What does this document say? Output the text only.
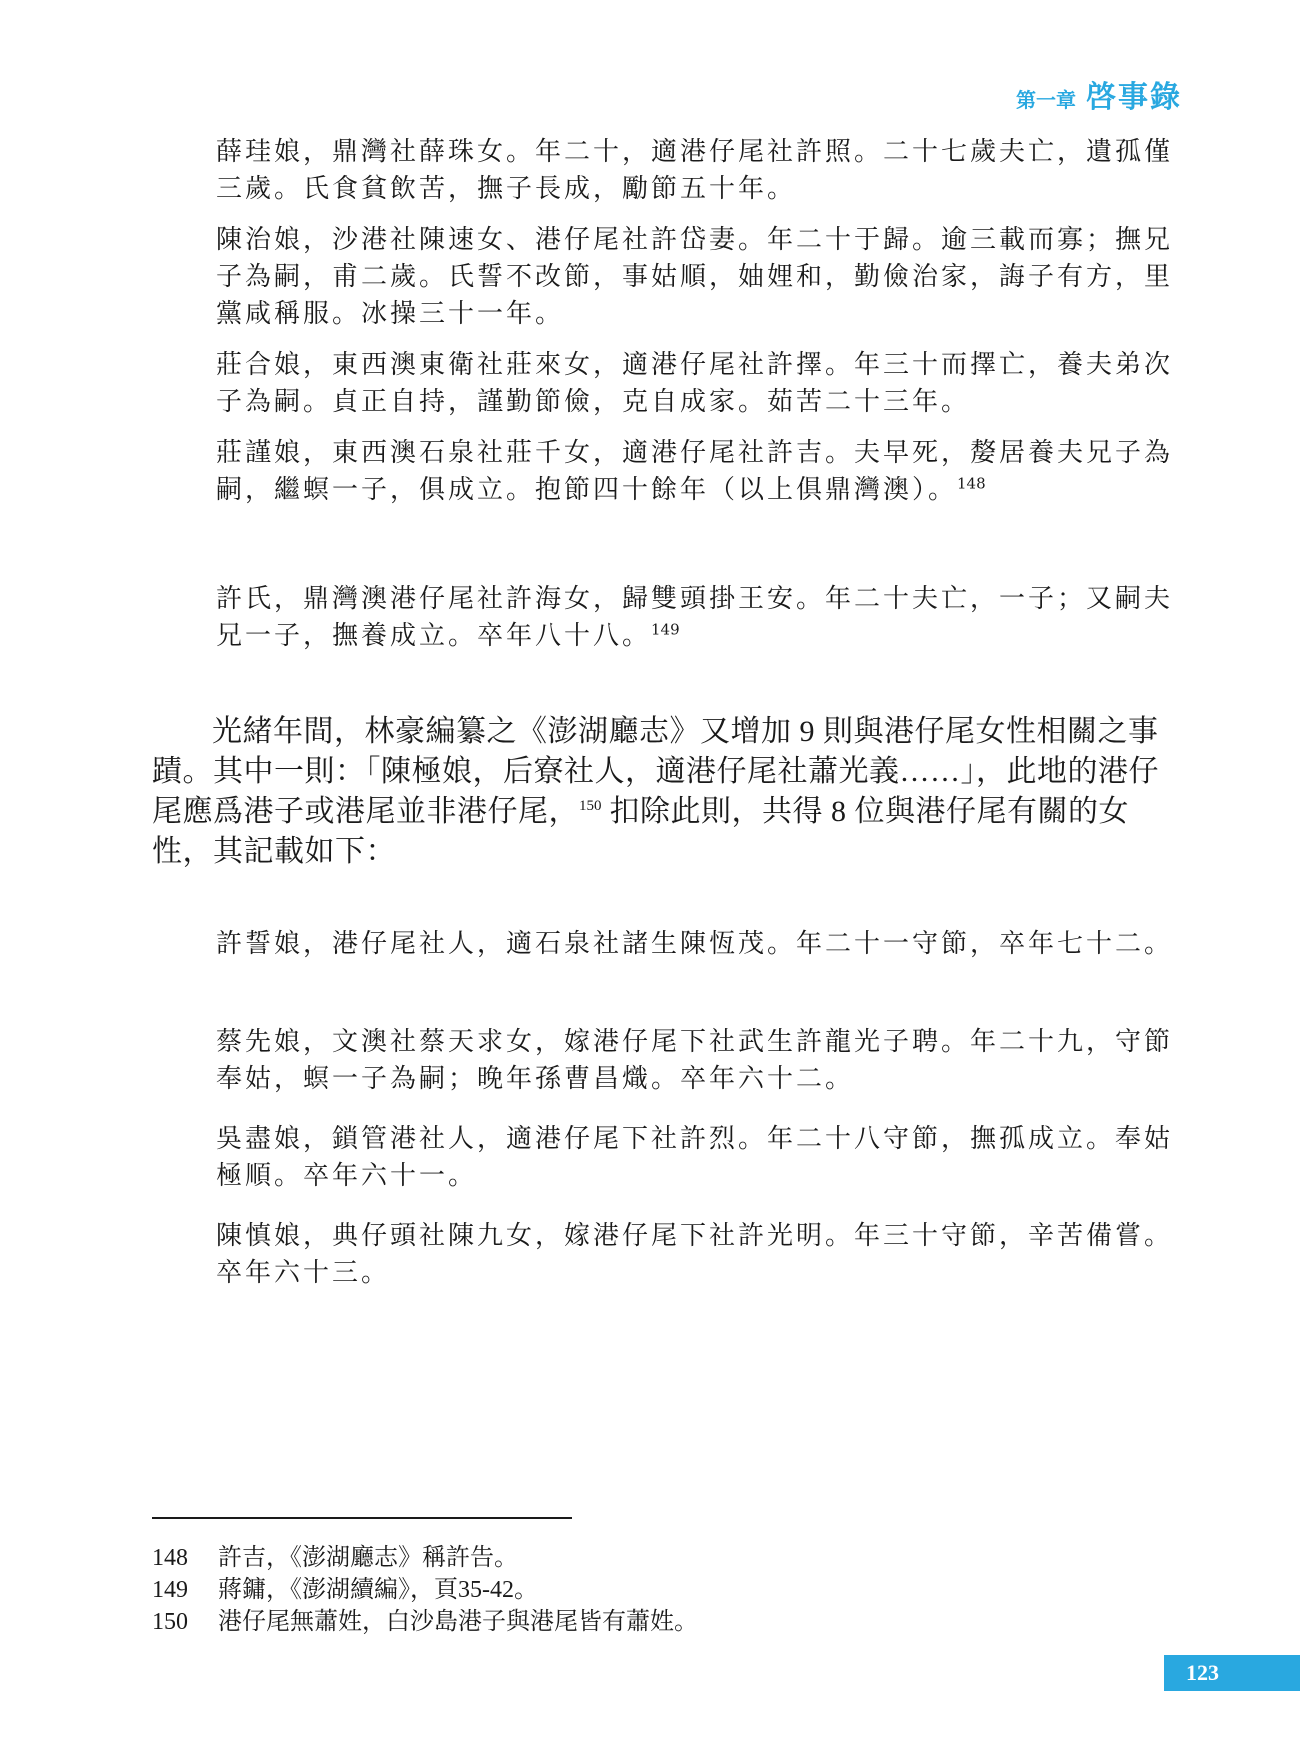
第一章 啓事錄
薛珪娘，鼎灣社薛珠女。年二十，適港仔尾社許照。二十七歲夫亡，遺孤僅三歲。氏食貧飲苦，撫子長成，勵節五十年。
陳治娘，沙港社陳速女、港仔尾社許岱妻。年二十于歸。逾三載而寡；撫兄子為嗣，甫二歲。氏誓不改節，事姑順，妯娌和，勤儉治家，誨子有方，里黨咸稱服。冰操三十一年。
莊合娘，東西澳東衛社莊來女，適港仔尾社許擇。年三十而擇亡，養夫弟次子為嗣。貞正自持，謹勤節儉，克自成家。茹苦二十三年。
莊謹娘，東西澳石泉社莊千女，適港仔尾社許吉。夫早死，嫠居養夫兄子為嗣，繼螟一子，俱成立。抱節四十餘年（以上俱鼎灣澳）。$^{148}$
許氏，鼎灣澳港仔尾社許海女，歸雙頭掛王安。年二十夫亡，一子；又嗣夫兄一子，撫養成立。卒年八十八。$^{149}$
光緒年間，林豪編纂之《澎湖廳志》又增加 9 則與港仔尾女性相關之事蹟。其中一則：「陳極娘，后寮社人，適港仔尾社蕭光義……」，此地的港仔尾應爲港子或港尾並非港仔尾，$^{150}$ 扣除此則，共得 8 位與港仔尾有關的女性，其記載如下：
許誓娘，港仔尾社人，適石泉社諸生陳恆茂。年二十一守節，卒年七十二。
蔡先娘，文澳社蔡天求女，嫁港仔尾下社武生許龍光子聘。年二十九，守節奉姑，螟一子為嗣；晚年孫曹昌熾。卒年六十二。
吳盡娘，鎖管港社人，適港仔尾下社許烈。年二十八守節，撫孤成立。奉姑極順。卒年六十一。
陳慎娘，典仔頭社陳九女，嫁港仔尾下社許光明。年三十守節，辛苦備嘗。卒年六十三。
148	許吉，《澎湖廳志》稱許告。
149	蔣鏞，《澎湖續編》，頁35-42。
150	港仔尾無蕭姓，白沙島港子與港尾皆有蕭姓。
123
